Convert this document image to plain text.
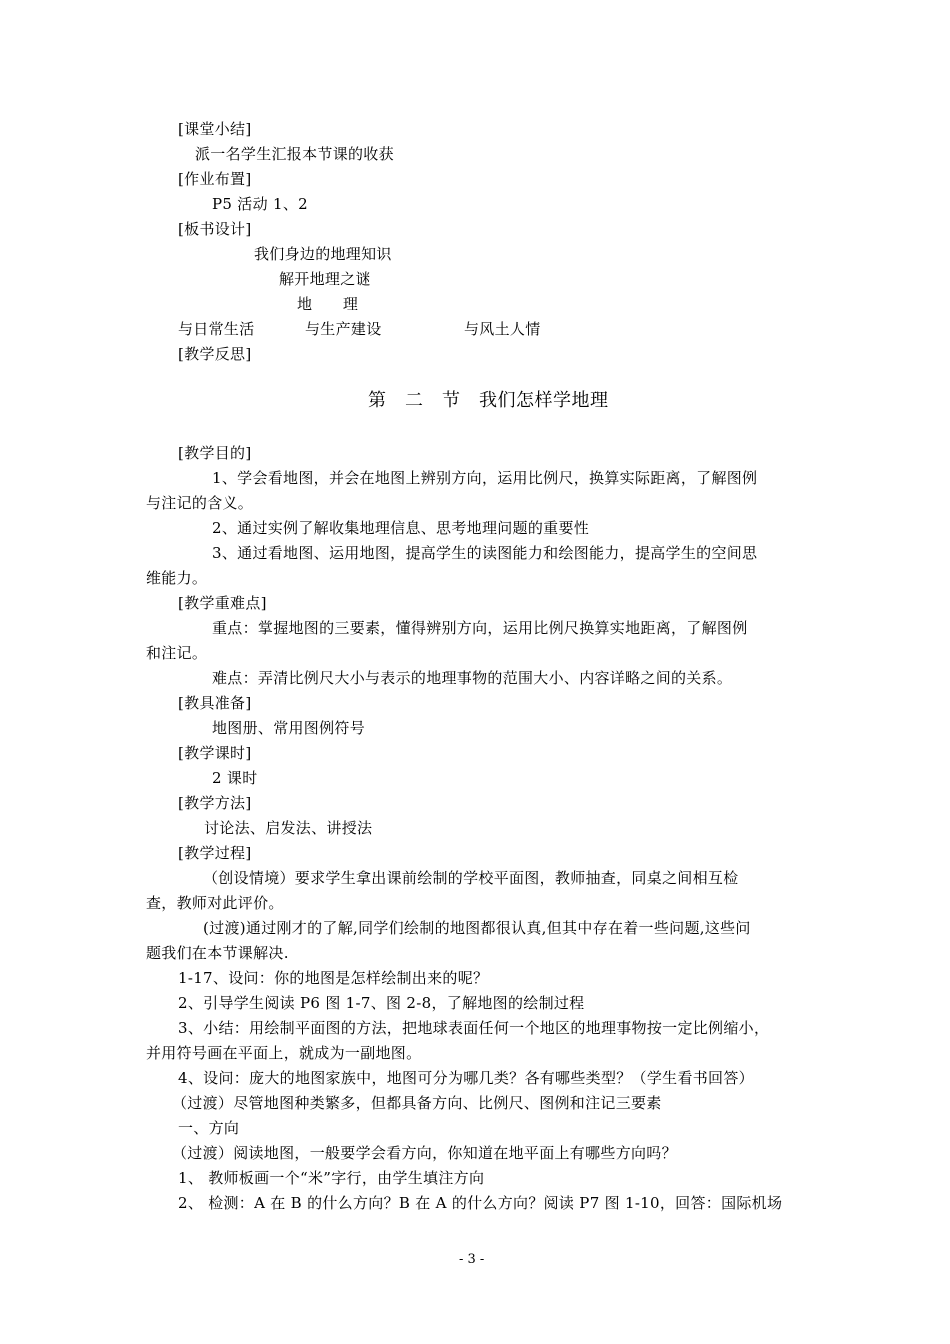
[课堂小结]
派一名学生汇报本节课的收获
[作业布置]
P5 活动 1、2
[板书设计]
我们身边的地理知识
解开地理之谜
地　　理
与日常生活	与生产建设	与风土人情
[教学反思]
第　二　节　我们怎样学地理
[教学目的]
1、学会看地图，并会在地图上辨别方向，运用比例尺，换算实际距离，了解图例
与注记的含义。
2、通过实例了解收集地理信息、思考地理问题的重要性
3、通过看地图、运用地图，提高学生的读图能力和绘图能力，提高学生的空间思
维能力。
[教学重难点]
重点：掌握地图的三要素，懂得辨别方向，运用比例尺换算实地距离，了解图例
和注记。
难点：弄清比例尺大小与表示的地理事物的范围大小、内容详略之间的关系。
[教具准备]
地图册、常用图例符号
[教学课时]
2 课时
[教学方法]
讨论法、启发法、讲授法
[教学过程]
（创设情境）要求学生拿出课前绘制的学校平面图，教师抽查，同桌之间相互检
查，教师对此评价。
(过渡)通过刚才的了解,同学们绘制的地图都很认真,但其中存在着一些问题,这些问
题我们在本节课解决.
1-17、设问：你的地图是怎样绘制出来的呢？
2、引导学生阅读 P6 图 1-7、图 2-8，了解地图的绘制过程
3、小结：用绘制平面图的方法，把地球表面任何一个地区的地理事物按一定比例缩小，
并用符号画在平面上，就成为一副地图。
4、设问：庞大的地图家族中，地图可分为哪几类？各有哪些类型？（学生看书回答）
（过渡）尽管地图种类繁多，但都具备方向、比例尺、图例和注记三要素
一、方向
（过渡）阅读地图，一般要学会看方向，你知道在地平面上有哪些方向吗？
1、 教师板画一个“米”字行，由学生填注方向
2、 检测：A 在 B 的什么方向？B 在 A 的什么方向？阅读 P7 图 1-10，回答：国际机场
- 3 -
